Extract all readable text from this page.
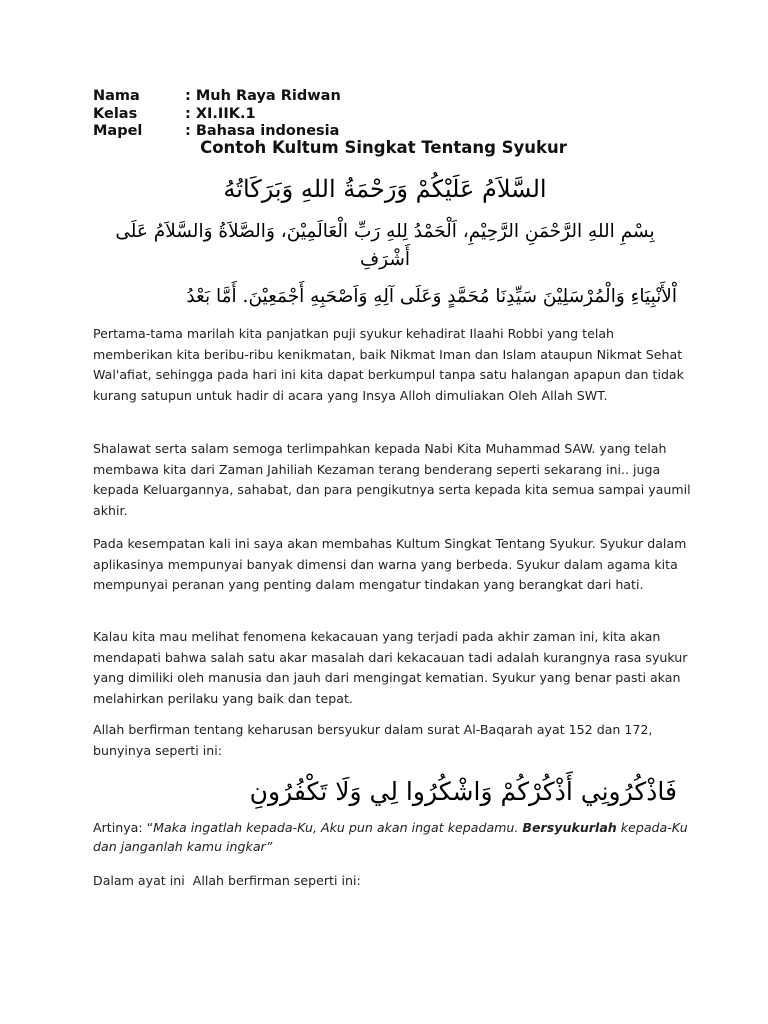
Nama	: Muh Raya Ridwan
Kelas	: XI.IIK.1
Mapel	: Bahasa indonesia
Contoh Kultum Singkat Tentang Syukur
السَّلاَمُ عَلَيْكُمْ وَرَحْمَةُ اللهِ وَبَرَكَاتُهُ
بِسْمِ اللهِ الرَّحْمَنِ الرَّحِيْمِ، اَلْحَمْدُ لِلهِ رَبِّ الْعَالَمِيْنَ، وَالصَّلاَةُ وَالسَّلاَمُ عَلَى أَشْرَفِ
اْلأَنْبِيَاءِ وَالْمُرْسَلِيْنَ سَيِّدِنَا مُحَمَّدٍ وَعَلَى آلِهِ وَاَصْحَبِهِ أَجْمَعِيْنَ. أَمَّا بَعْدُ
Pertama-tama marilah kita panjatkan puji syukur kehadirat Ilaahi Robbi yang telah memberikan kita beribu-ribu kenikmatan, baik Nikmat Iman dan Islam ataupun Nikmat Sehat Wal'afiat, sehingga pada hari ini kita dapat berkumpul tanpa satu halangan apapun dan tidak kurang satupun untuk hadir di acara yang Insya Alloh dimuliakan Oleh Allah SWT.
Shalawat serta salam semoga terlimpahkan kepada Nabi Kita Muhammad SAW. yang telah membawa kita dari Zaman Jahiliah Kezaman terang benderang seperti sekarang ini.. juga kepada Keluargannya, sahabat, dan para pengikutnya serta kepada kita semua sampai yaumil akhir.
Pada kesempatan kali ini saya akan membahas Kultum Singkat Tentang Syukur. Syukur dalam aplikasinya mempunyai banyak dimensi dan warna yang berbeda. Syukur dalam agama kita mempunyai peranan yang penting dalam mengatur tindakan yang berangkat dari hati.
Kalau kita mau melihat fenomena kekacauan yang terjadi pada akhir zaman ini, kita akan mendapati bahwa salah satu akar masalah dari kekacauan tadi adalah kurangnya rasa syukur yang dimiliki oleh manusia dan jauh dari mengingat kematian. Syukur yang benar pasti akan melahirkan perilaku yang baik dan tepat.
Allah berfirman tentang keharusan bersyukur dalam surat Al-Baqarah ayat 152 dan 172, bunyinya seperti ini:
فَاذْكُرُونِي أَذْكُرْكُمْ وَاشْكُرُوا لِي وَلَا تَكْفُرُونِ
Artinya: “Maka ingatlah kepada-Ku, Aku pun akan ingat kepadamu. Bersyukurlah kepada-Ku dan janganlah kamu ingkar”
Dalam ayat ini  Allah berfirman seperti ini:
